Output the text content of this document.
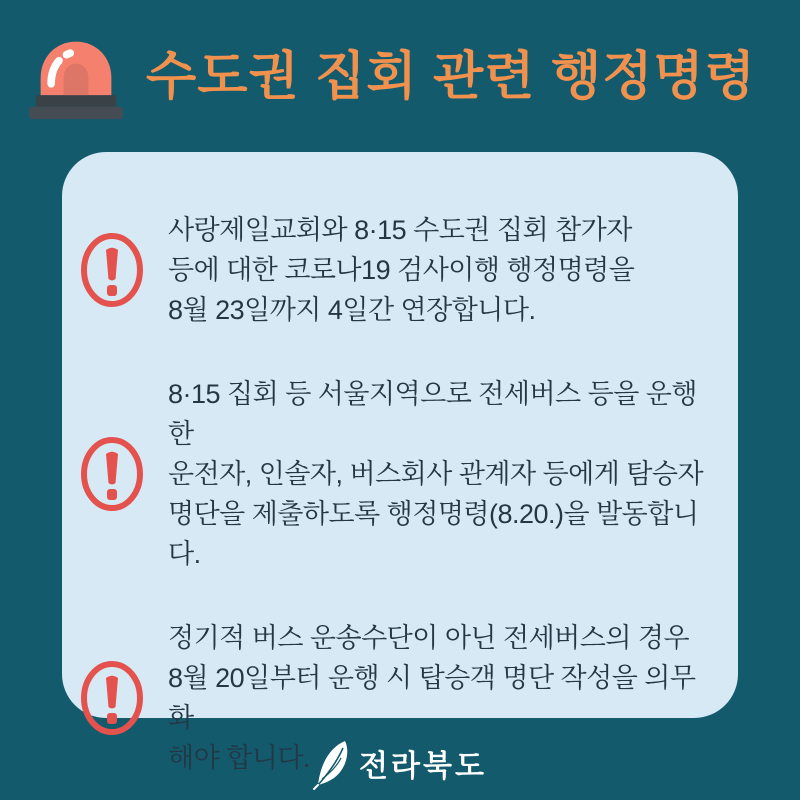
수도권 집회 관련 행정명령
사랑제일교회와 8·15 수도권 집회 참가자
등에 대한 코로나19 검사이행 행정명령을
8월 23일까지 4일간 연장합니다.
8·15 집회 등 서울지역으로 전세버스 등을 운행한
운전자, 인솔자, 버스회사 관계자 등에게 탐승자
명단을 제출하도록 행정명령(8.20.)을 발동합니다.
정기적 버스 운송수단이 아닌 전세버스의 경우
8월 20일부터 운행 시 탑승객 명단 작성을 의무화
해야 합니다.	전라북도
